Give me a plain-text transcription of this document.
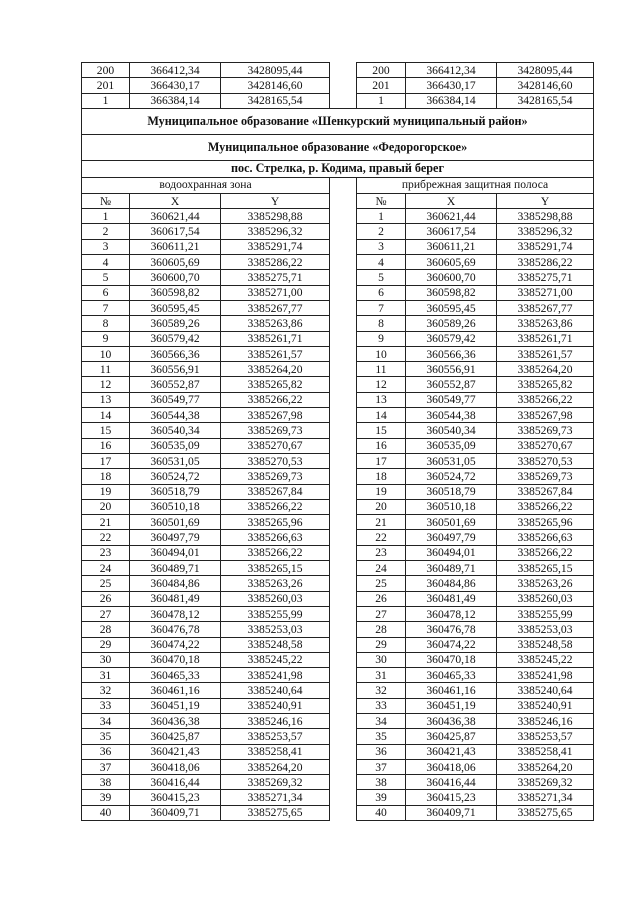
200	366412,34	3428095,44		200	366412,34	3428095,44
201	366430,17	3428146,60		201	366430,17	3428146,60
1	366384,14	3428165,54		1	366384,14	3428165,54
Муниципальное образование «Шенкурский муниципальный район»						
Муниципальное образование «Федорогорское»						
пос. Стрелка, р. Кодима, правый берег						
водоохранная зона				прибрежная защитная полоса		
№	X	Y		№	X	Y
1	360621,44	3385298,88		1	360621,44	3385298,88
2	360617,54	3385296,32		2	360617,54	3385296,32
3	360611,21	3385291,74		3	360611,21	3385291,74
4	360605,69	3385286,22		4	360605,69	3385286,22
5	360600,70	3385275,71		5	360600,70	3385275,71
6	360598,82	3385271,00		6	360598,82	3385271,00
7	360595,45	3385267,77		7	360595,45	3385267,77
8	360589,26	3385263,86		8	360589,26	3385263,86
9	360579,42	3385261,71		9	360579,42	3385261,71
10	360566,36	3385261,57		10	360566,36	3385261,57
11	360556,91	3385264,20		11	360556,91	3385264,20
12	360552,87	3385265,82		12	360552,87	3385265,82
13	360549,77	3385266,22		13	360549,77	3385266,22
14	360544,38	3385267,98		14	360544,38	3385267,98
15	360540,34	3385269,73		15	360540,34	3385269,73
16	360535,09	3385270,67		16	360535,09	3385270,67
17	360531,05	3385270,53		17	360531,05	3385270,53
18	360524,72	3385269,73		18	360524,72	3385269,73
19	360518,79	3385267,84		19	360518,79	3385267,84
20	360510,18	3385266,22		20	360510,18	3385266,22
21	360501,69	3385265,96		21	360501,69	3385265,96
22	360497,79	3385266,63		22	360497,79	3385266,63
23	360494,01	3385266,22		23	360494,01	3385266,22
24	360489,71	3385265,15		24	360489,71	3385265,15
25	360484,86	3385263,26		25	360484,86	3385263,26
26	360481,49	3385260,03		26	360481,49	3385260,03
27	360478,12	3385255,99		27	360478,12	3385255,99
28	360476,78	3385253,03		28	360476,78	3385253,03
29	360474,22	3385248,58		29	360474,22	3385248,58
30	360470,18	3385245,22		30	360470,18	3385245,22
31	360465,33	3385241,98		31	360465,33	3385241,98
32	360461,16	3385240,64		32	360461,16	3385240,64
33	360451,19	3385240,91		33	360451,19	3385240,91
34	360436,38	3385246,16		34	360436,38	3385246,16
35	360425,87	3385253,57		35	360425,87	3385253,57
36	360421,43	3385258,41		36	360421,43	3385258,41
37	360418,06	3385264,20		37	360418,06	3385264,20
38	360416,44	3385269,32		38	360416,44	3385269,32
39	360415,23	3385271,34		39	360415,23	3385271,34
40	360409,71	3385275,65		40	360409,71	3385275,65
